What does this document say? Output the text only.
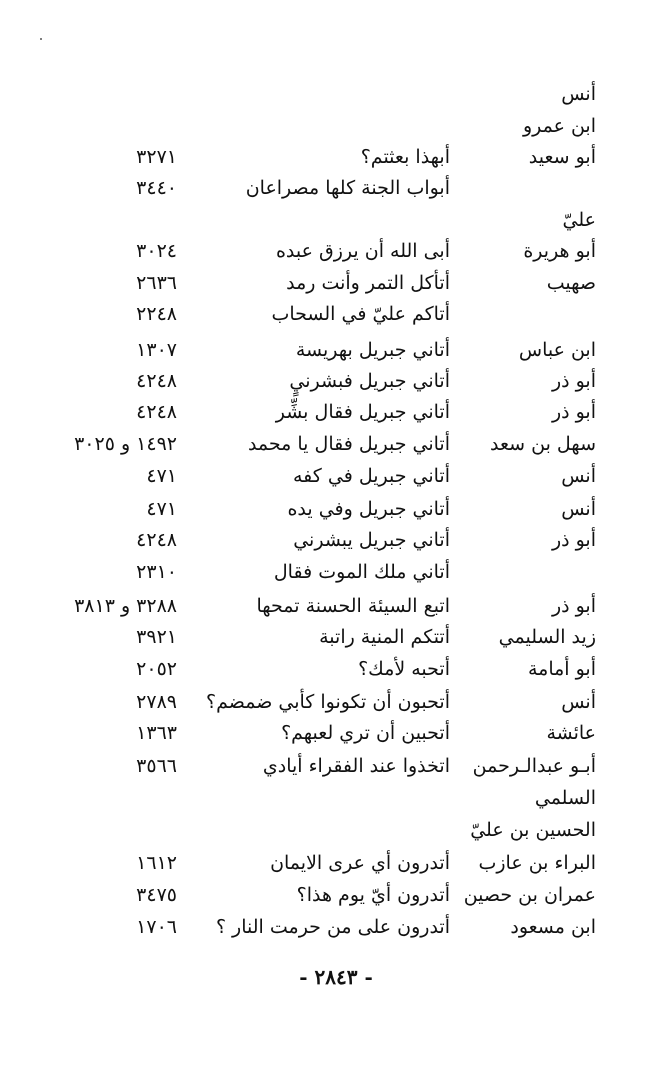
أنس
ابن عمرو
أبو سعيد
أبهذا بعثتم؟
٣٢٧١
أبواب الجنة كلها مصراعان
٣٤٤٠
عليّ
أبو هريرة
أبى الله أن يرزق عبده
٣٠٢٤
صهيب
أتأكل التمر وأنت رمد
٢٦٣٦
أتاكم عليّ في السحاب
٢٢٤٨
ابن عباس
أتاني جبريل بهريسة
١٣٠٧
أبو ذر
أتاني جبريل فبشرنيٍ
٤٢٤٨
أبو ذر
أتاني جبريل فقال بشِّر
٤٢٤٨
سهل بن سعد
أتاني جبريل فقال يا محمد
١٤٩٢ و ٣٠٢٥
أنس
أتاني جبريل في كفه
٤٧١
أنس
أتاني جبريل وفي يده
٤٧١
أبو ذر
أتاني جبريل يبشرني
٤٢٤٨
أتاني ملك الموت فقال
٢٣١٠
أبو ذر
اتبع السيئة الحسنة تمحها
٣٢٨٨ و ٣٨١٣
زيد السليمي
أتتكم المنية راتبة
٣٩٢١
أبو أمامة
أتحبه لأمك؟
٢٠٥٢
أنس
أتحبون أن تكونوا كأبي ضمضم؟
٢٧٨٩
عائشة
أتحبين أن تري لعبهم؟
١٣٦٣
أبـو عبدالـرحمن
اتخذوا عند الفقراء أيادي
٣٥٦٦
السلمي
الحسين بن عليّ
البراء بن عازب
أتدرون أي عرى الايمان
١٦١٢
عمران بن حصين
أتدرون أيّ يوم هذا؟
٣٤٧٥
ابن مسعود
أتدرون على من حرمت النار ؟
١٧٠٦
- ٢٨٤٣ -
